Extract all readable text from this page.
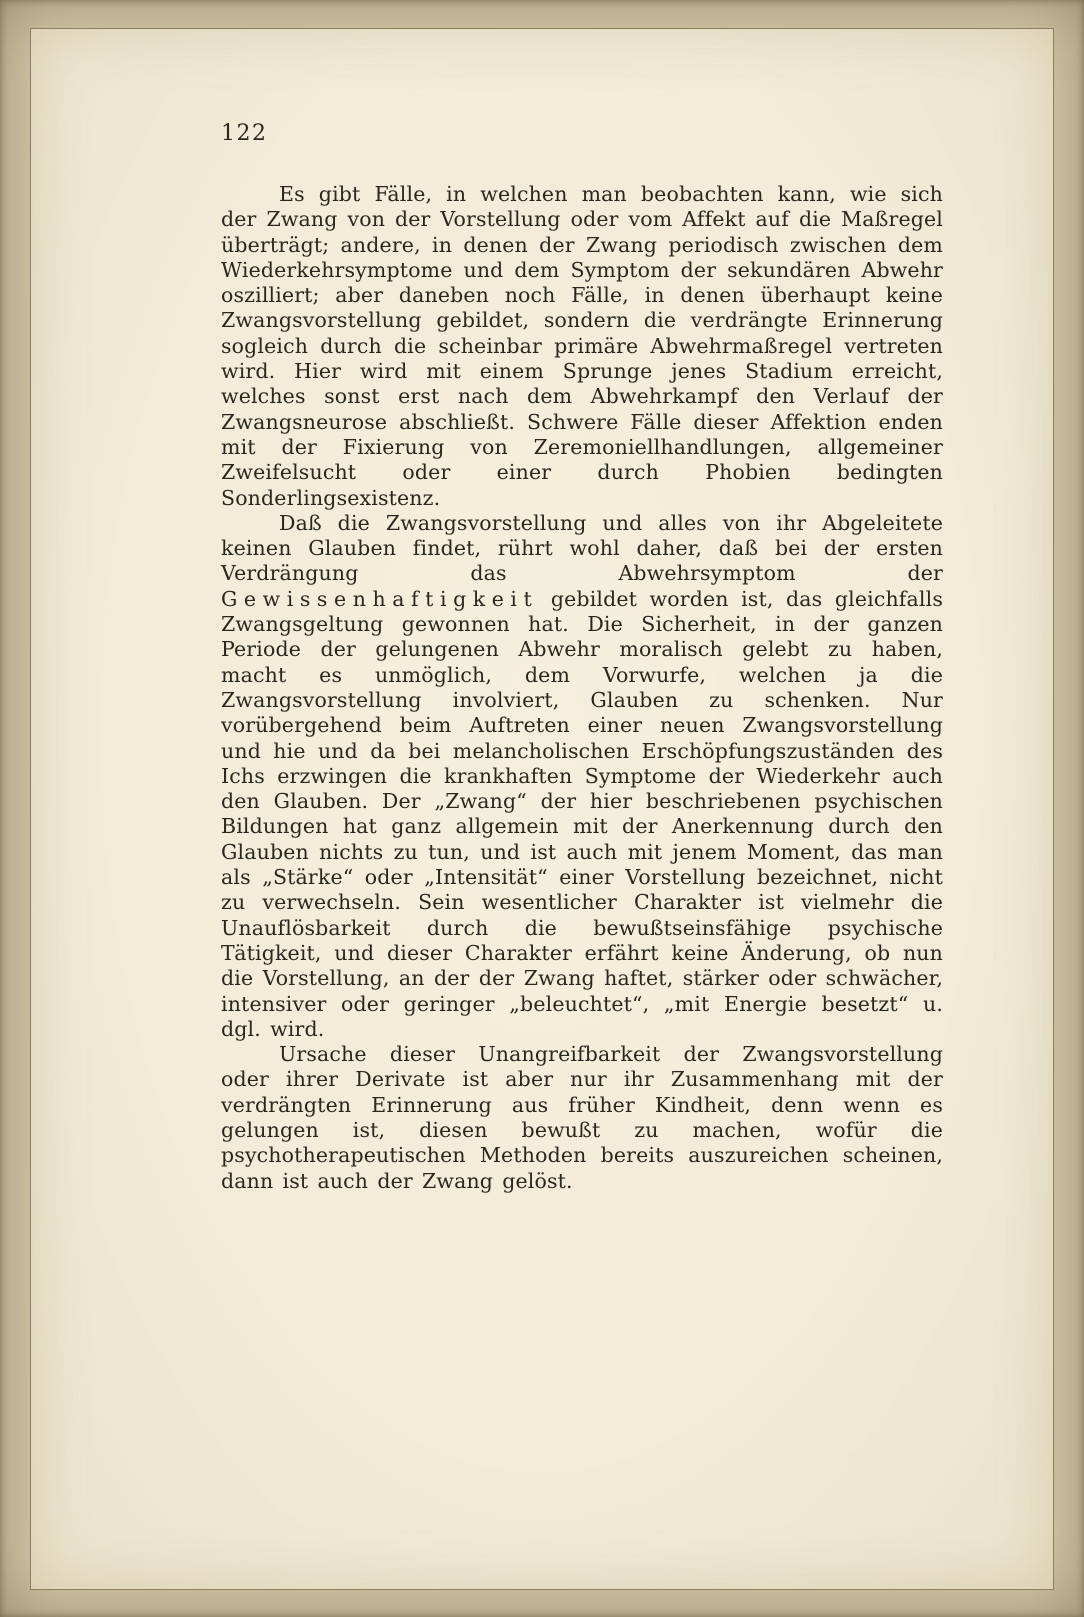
122

Es gibt Fälle, in welchen man beobachten kann, wie sich der Zwang von der Vorstellung oder vom Affekt auf die Maßregel überträgt; andere, in denen der Zwang periodisch zwischen dem Wiederkehrsymptome und dem Symptom der sekundären Abwehr oszilliert; aber daneben noch Fälle, in denen überhaupt keine Zwangsvorstellung gebildet, sondern die verdrängte Erinnerung sogleich durch die scheinbar primäre Abwehrmaßregel vertreten wird. Hier wird mit einem Sprunge jenes Stadium erreicht, welches sonst erst nach dem Abwehrkampf den Verlauf der Zwangsneurose abschließt. Schwere Fälle dieser Affektion enden mit der Fixierung von Zeremoniellhandlungen, allgemeiner Zweifelsucht oder einer durch Phobien bedingten Sonderlingsexistenz.

Daß die Zwangsvorstellung und alles von ihr Abgeleitete keinen Glauben findet, rührt wohl daher, daß bei der ersten Verdrängung das Abwehrsymptom der Gewissenhaftigkeit gebildet worden ist, das gleichfalls Zwangsgeltung gewonnen hat. Die Sicherheit, in der ganzen Periode der gelungenen Abwehr moralisch gelebt zu haben, macht es unmöglich, dem Vorwurfe, welchen ja die Zwangsvorstellung involviert, Glauben zu schenken. Nur vorübergehend beim Auftreten einer neuen Zwangsvorstellung und hie und da bei melancholischen Erschöpfungszuständen des Ichs erzwingen die krankhaften Symptome der Wiederkehr auch den Glauben. Der „Zwang“ der hier beschriebenen psychischen Bildungen hat ganz allgemein mit der Anerkennung durch den Glauben nichts zu tun, und ist auch mit jenem Moment, das man als „Stärke“ oder „Intensität“ einer Vorstellung bezeichnet, nicht zu verwechseln. Sein wesentlicher Charakter ist vielmehr die Unauflösbarkeit durch die bewußtseinsfähige psychische Tätigkeit, und dieser Charakter erfährt keine Änderung, ob nun die Vorstellung, an der der Zwang haftet, stärker oder schwächer, intensiver oder geringer „beleuchtet“, „mit Energie besetzt“ u. dgl. wird.

Ursache dieser Unangreifbarkeit der Zwangsvorstellung oder ihrer Derivate ist aber nur ihr Zusammenhang mit der verdrängten Erinnerung aus früher Kindheit, denn wenn es gelungen ist, diesen bewußt zu machen, wofür die psychotherapeutischen Methoden bereits auszureichen scheinen, dann ist auch der Zwang gelöst.
